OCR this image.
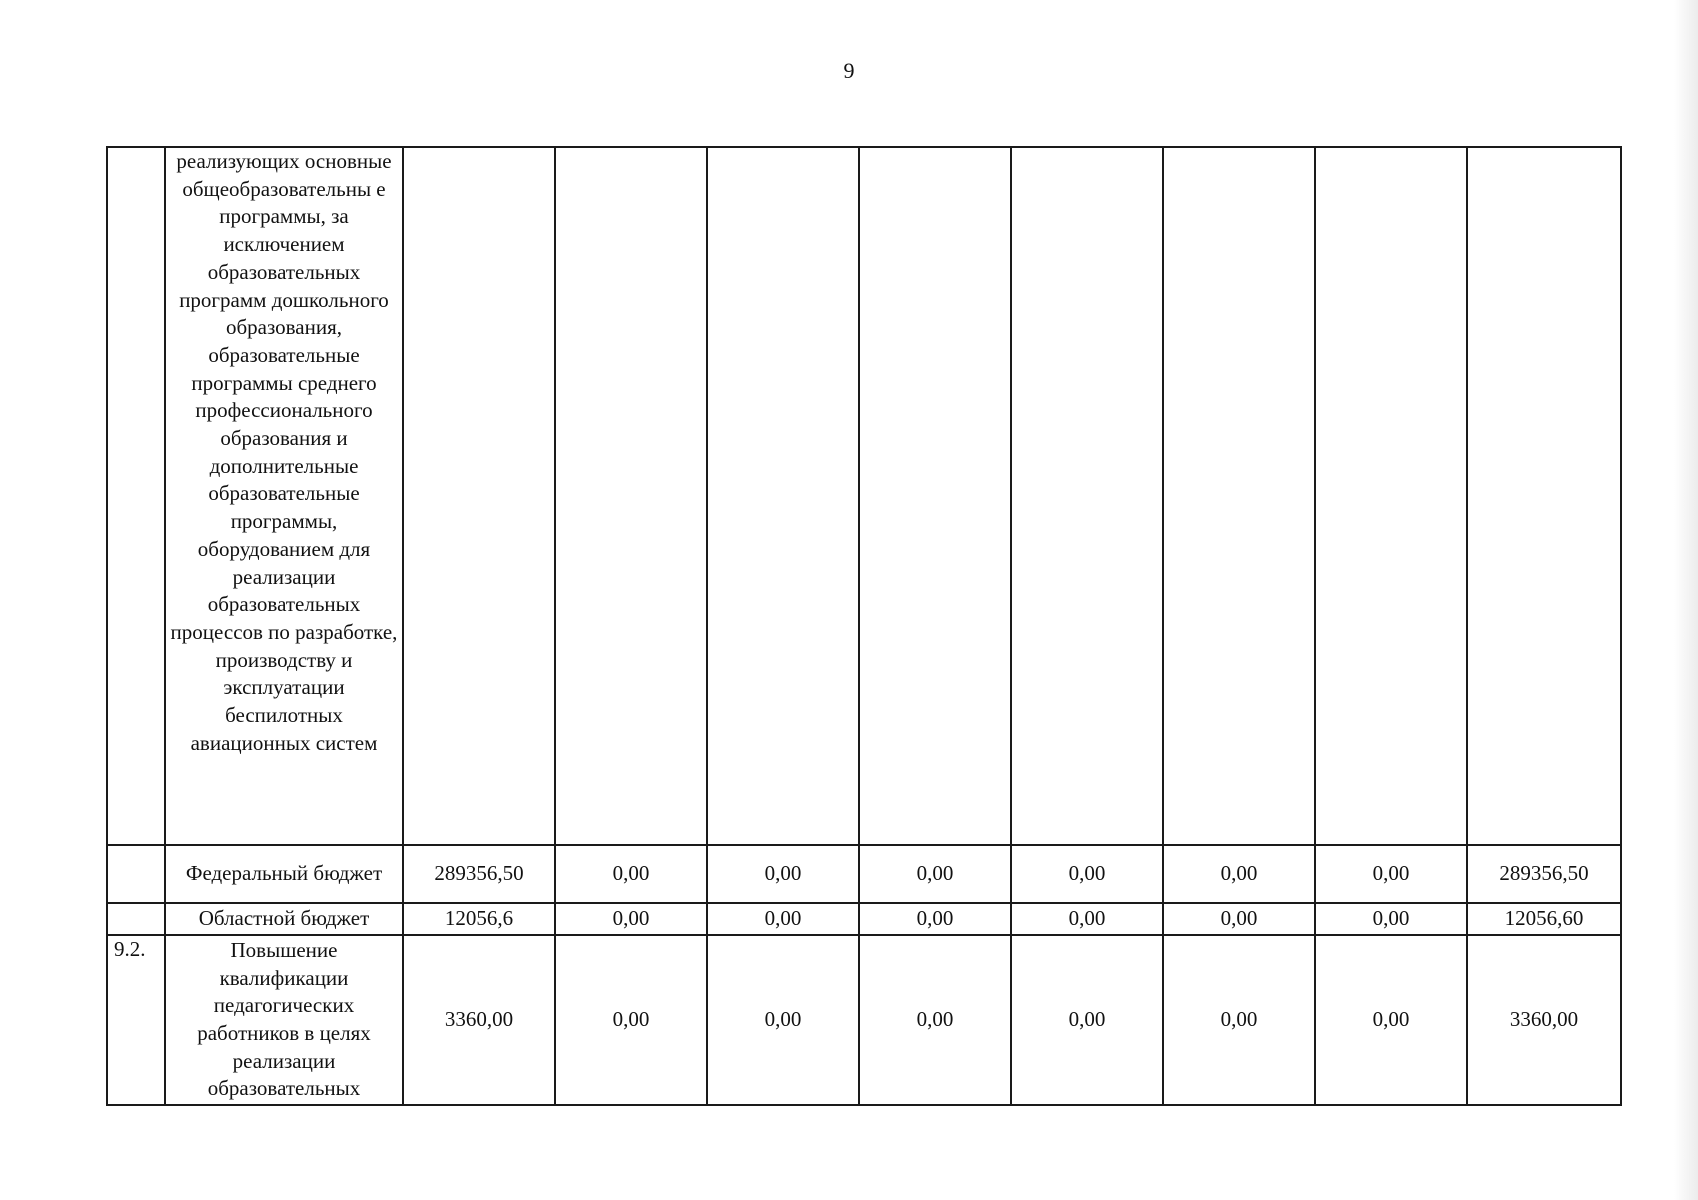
9
	реализующих основные общеобразовательны е программы, за исключением образовательных программ дошкольного образования, образовательные программы среднего профессионального образования и дополнительные образовательные программы, оборудованием для реализации образовательных процессов по разработке, производству и эксплуатации беспилотных авиационных систем								
	Федеральный бюджет	289356,50	0,00	0,00	0,00	0,00	0,00	0,00	289356,50
	Областной бюджет	12056,6	0,00	0,00	0,00	0,00	0,00	0,00	12056,60
9.2.	Повышение квалификации педагогических работников в целях реализации образовательных	3360,00	0,00	0,00	0,00	0,00	0,00	0,00	3360,00
